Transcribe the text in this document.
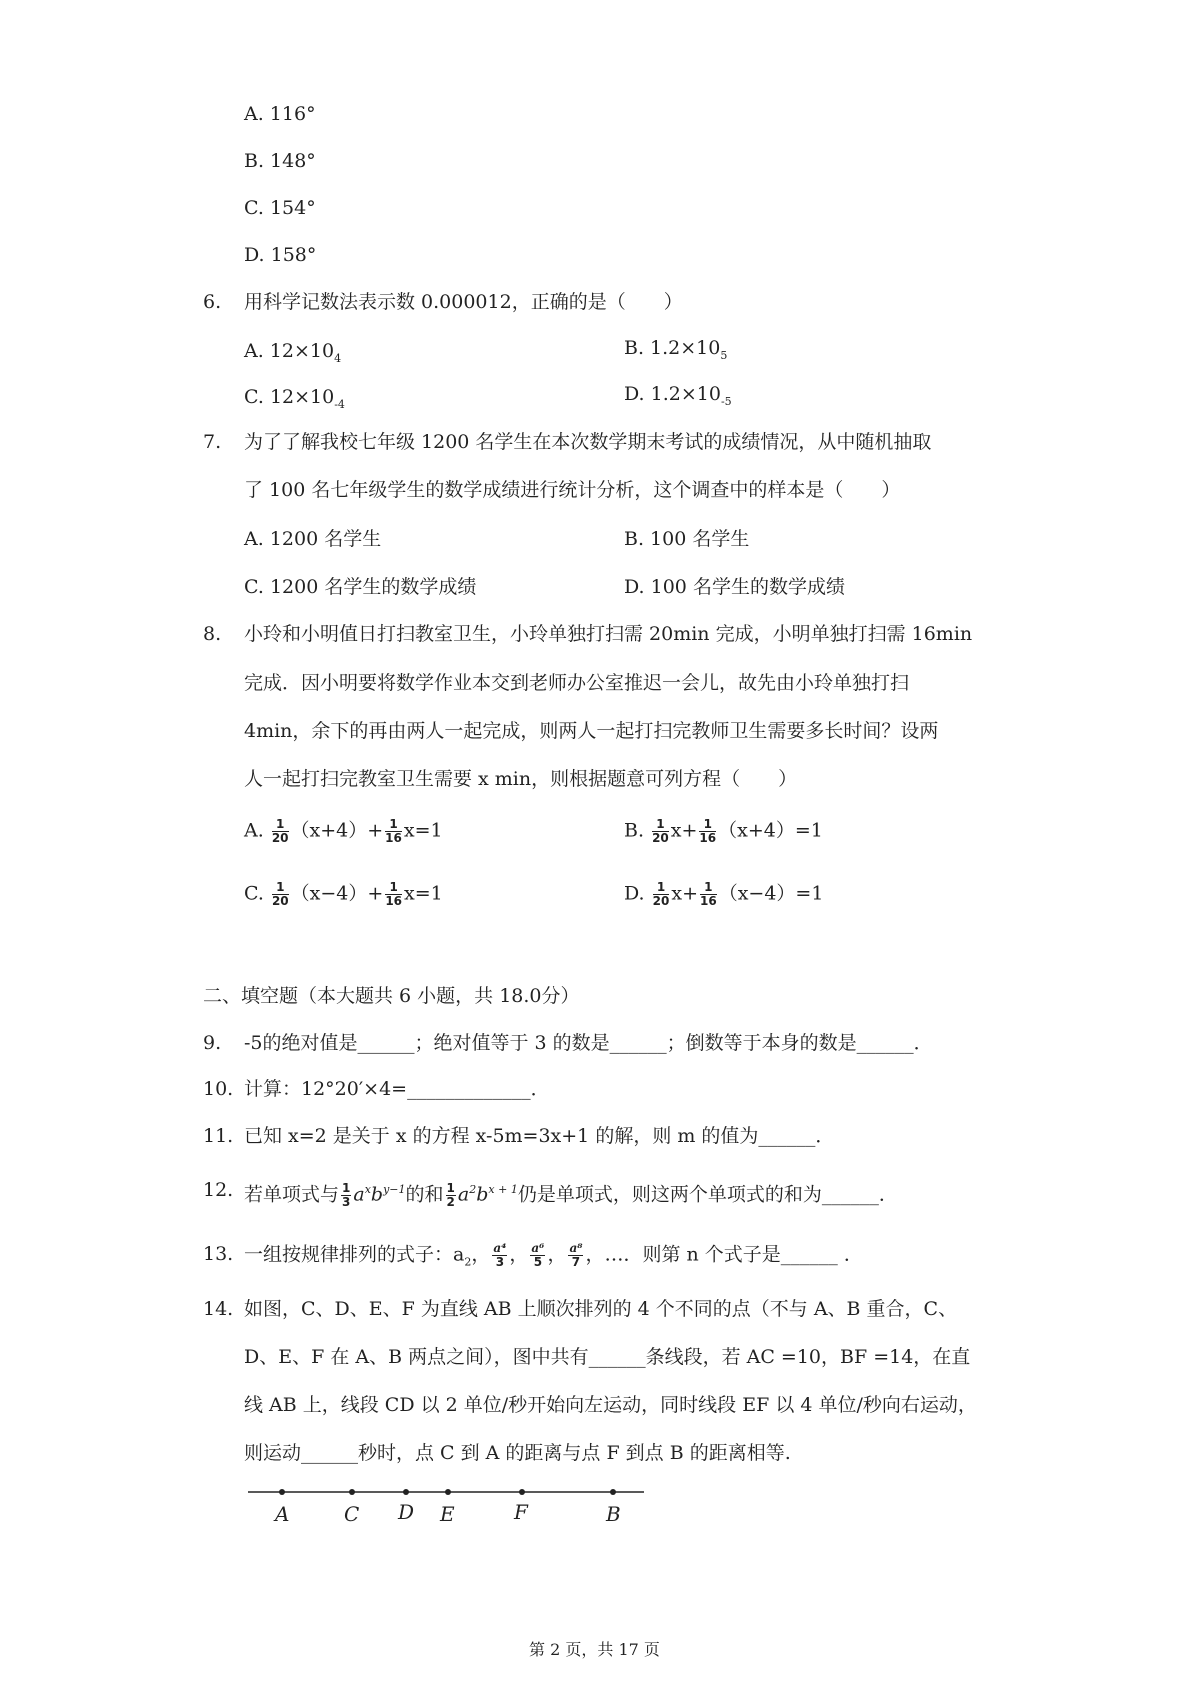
A. 116°
B. 148°
C. 154°
D. 158°
6. 用科学记数法表示数 0.000012，正确的是（　　）
A. $12\times 10_4$	B. $1.2\times 10_5$
C. $12\times 10_{-4}$	D. $1.2\times 10_{-5}$
7. 为了了解我校七年级 1200 名学生在本次数学期末考试的成绩情况，从中随机抽取
了 100 名七年级学生的数学成绩进行统计分析，这个调查中的样本是（　　）
A. 1200 名学生	B. 100 名学生
C. 1200 名学生的数学成绩	D. 100 名学生的数学成绩
8. 小玲和小明值日打扫教室卫生，小玲单独打扫需 20min 完成，小明单独打扫需 16min
完成．因小明要将数学作业本交到老师办公室推迟一会儿，故先由小玲单独打扫
4min，余下的再由两人一起完成，则两人一起打扫完教师卫生需要多长时间？设两
人一起打扫完教室卫生需要 x min，则根据题意可列方程（　　）
A. $\frac{1}{20} (x+4)+ \frac{1}{16} x=1$	B. $\frac{1}{20} x+ \frac{1}{16} (x+4)=1$
C. $\frac{1}{20} (x-4)+ \frac{1}{16} x=1$	D. $\frac{1}{20} x+ \frac{1}{16} (x-4)=1$
二、填空题（本大题共 6 小题，共 18.0分）
9. -5的绝对值是______；绝对值等于 3 的数是______；倒数等于本身的数是______．
10. 计算：12°20′×4=_____________．
11. 已知 x=2 是关于 x 的方程 x-5m=3x+1 的解，则 m 的值为______．
12. 若单项式与 $\frac{1}{3} a^xb^{y-1}$的和 $\frac{1}{2} a^2b^{x + 1}$仍是单项式，则这两个单项式的和为______．
13. 一组按规律排列的式子：$a_2$， $\frac{\text{a⁴}}{3}$ ， $\frac{\text{a⁶}}{5}$ ， $\frac{\text{a⁸}}{7}$ ，…．则第 n 个式子是______ ．
14. 如图，C、D、E、F 为直线 AB 上顺次排列的 4 个不同的点（不与 A、B 重合，C、
D、E、F 在 A、B 两点之间），图中共有______条线段，若 AC =10，BF =14，在直
线 AB 上，线段 CD 以 2 单位/秒开始向左运动，同时线段 EF 以 4 单位/秒向右运动，
则运动______秒时，点 C 到 A 的距离与点 F 到点 B 的距离相等.
A	C D E	F	B
第 2 页，共 17 页
